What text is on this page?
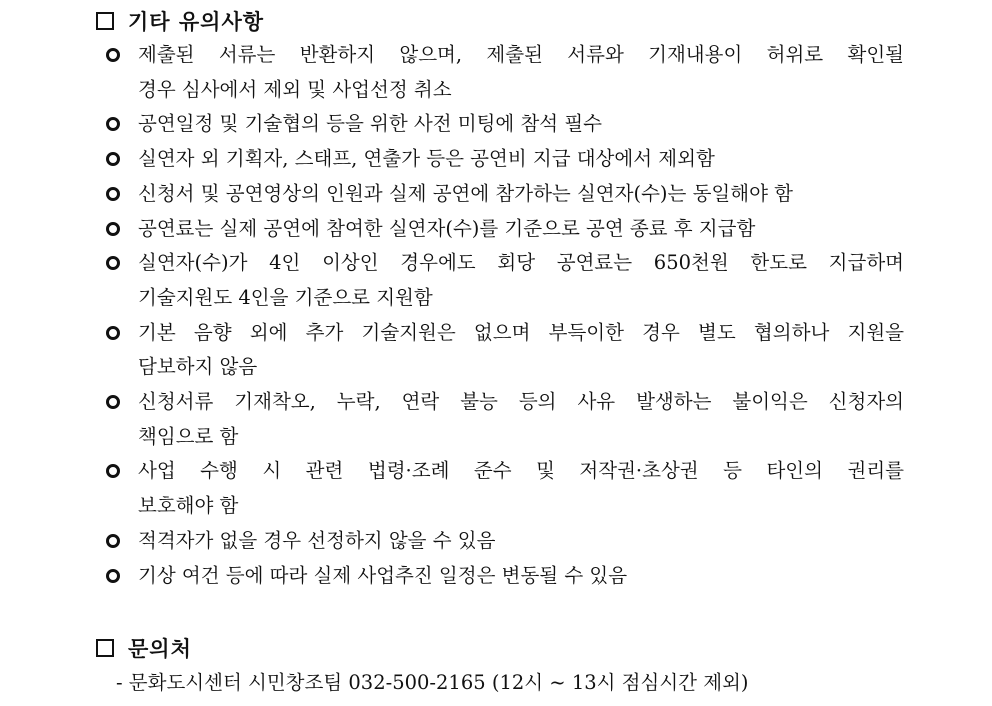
기타 유의사항
제출된 서류는 반환하지 않으며, 제출된 서류와 기재내용이 허위로 확인될
경우 심사에서 제외 및 사업선정 취소
공연일정 및 기술협의 등을 위한 사전 미팅에 참석 필수
실연자 외 기획자, 스태프, 연출가 등은 공연비 지급 대상에서 제외함
신청서 및 공연영상의 인원과 실제 공연에 참가하는 실연자(수)는 동일해야 함
공연료는 실제 공연에 참여한 실연자(수)를 기준으로 공연 종료 후 지급함
실연자(수)가 4인 이상인 경우에도 회당 공연료는 650천원 한도로 지급하며
기술지원도 4인을 기준으로 지원함
기본 음향 외에 추가 기술지원은 없으며 부득이한 경우 별도 협의하나 지원을
담보하지 않음
신청서류 기재착오, 누락, 연락 불능 등의 사유 발생하는 불이익은 신청자의
책임으로 함
사업 수행 시 관련 법령·조례 준수 및 저작권·초상권 등 타인의 권리를
보호해야 함
적격자가 없을 경우 선정하지 않을 수 있음
기상 여건 등에 따라 실제 사업추진 일정은 변동될 수 있음
문의처
- 문화도시센터 시민창조팀 032-500-2165 (12시 ~ 13시 점심시간 제외)
